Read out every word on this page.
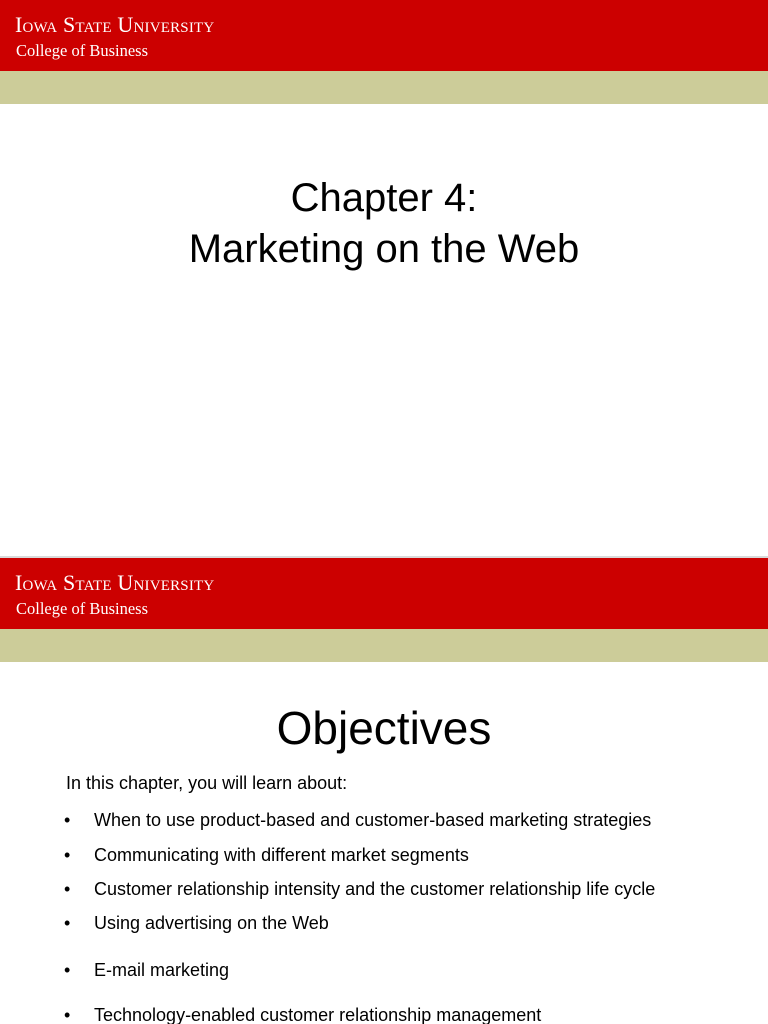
Iowa State University
College of Business
Chapter 4:
Marketing on the Web
Iowa State University
College of Business
Objectives
In this chapter, you will learn about:
• When to use product-based and customer-based marketing strategies
• Communicating with different market segments
• Customer relationship intensity and the customer relationship life cycle
• Using advertising on the Web
• E-mail marketing
• Technology-enabled customer relationship management
